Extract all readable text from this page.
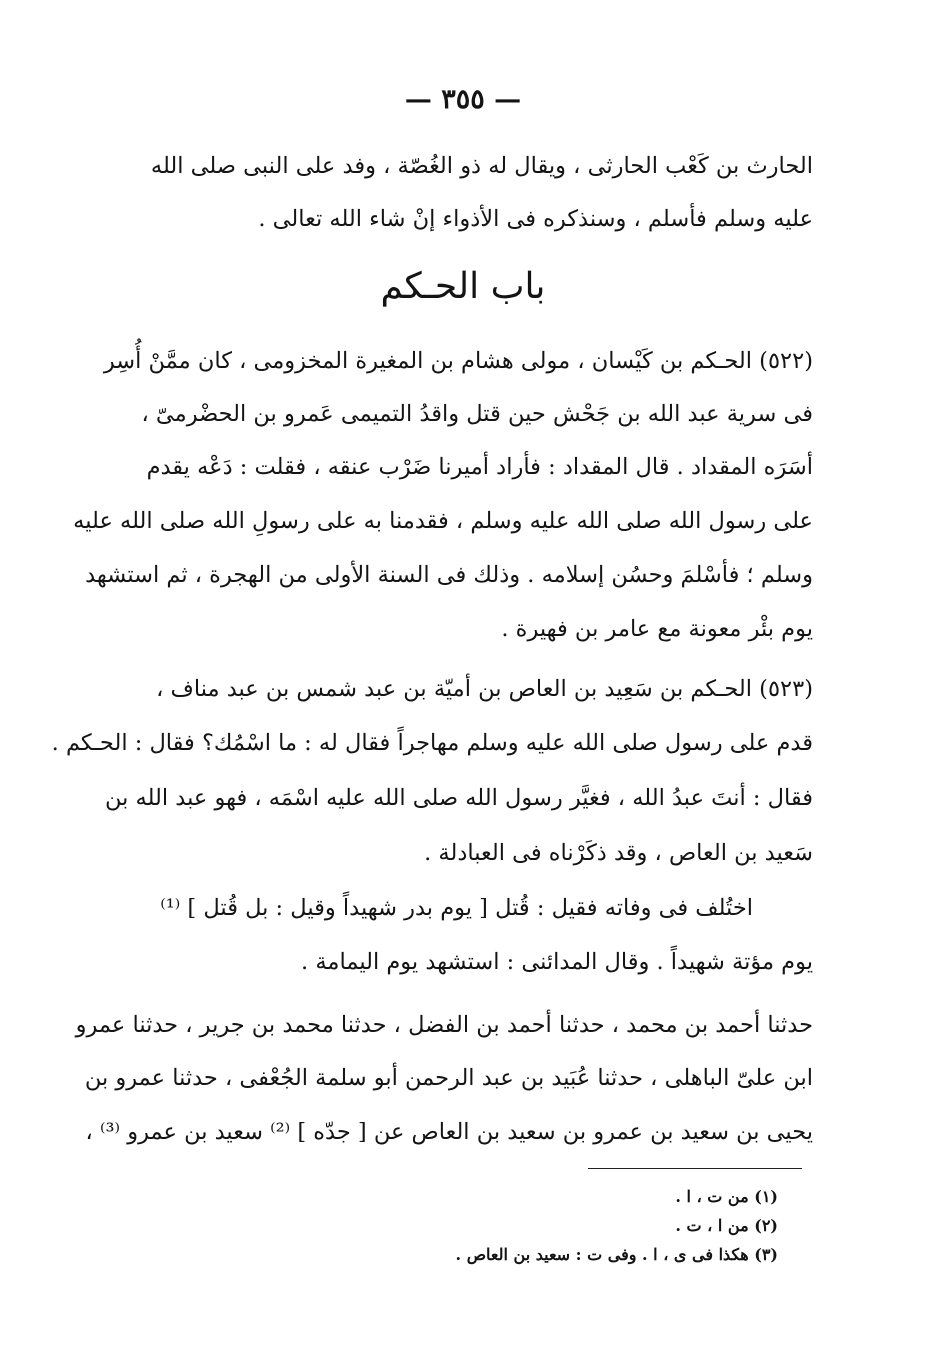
— ٣٥٥ —
الحارث بن كَعْب الحارثى ، ويقال له ذو الغُصّة ، وفد على النبى صلى الله
عليه وسلم فأسلم ، وسنذكره فى الأذواء إنْ شاء الله تعالى .
باب الحـكم
(٥٢٢) الحـكم بن كَيْسان ، مولى هشام بن المغيرة المخزومى ، كان ممَّنْ أُسِر
فى سرية عبد الله بن جَحْش حين قتل واقدُ التميمى عَمرو بن الحضْرمىّ ،
أسَرَه المقداد . قال المقداد : فأراد أميرنا ضَرْب عنقه ، فقلت : دَعْه يقدم
على رسول الله صلى الله عليه وسلم ، فقدمنا به على رسولِ الله صلى الله عليه
وسلم ؛ فأسْلمَ وحسُن إسلامه . وذلك فى السنة الأولى من الهجرة ، ثم استشهد
يوم بئْر معونة مع عامر بن فهيرة .
(٥٢٣) الحـكم بن سَعِيد بن العاص بن أميّة بن عبد شمس بن عبد مناف ،
قدم على رسول صلى الله عليه وسلم مهاجراً فقال له : ما اسْمُك؟ فقال : الحـكم .
فقال : أنتَ عبدُ الله ، فغيَّر رسول الله صلى الله عليه اسْمَه ، فهو عبد الله بن
سَعيد بن العاص ، وقد ذكَرْناه فى العبادلة .
اختُلف فى وفاته فقيل : قُتل [ يوم بدر شهيداً وقيل : بل قُتل ] ⁽¹⁾
يوم مؤتة شهيداً . وقال المدائنى : استشهد يوم اليمامة .
حدثنا أحمد بن محمد ، حدثنا أحمد بن الفضل ، حدثنا محمد بن جرير ، حدثنا عمرو
ابن علىّ الباهلى ، حدثنا عُبَيد بن عبد الرحمن أبو سلمة الجُعْفى ، حدثنا عمرو بن
يحيى بن سعيد بن عمرو بن سعيد بن العاص عن [ جدّه ] ⁽²⁾ سعيد بن عمرو ⁽³⁾ ،
(١) من ت ، ا .
(٢) من ا ، ت .
(٣) هكذا فى ى ، ا . وفى ت : سعيد بن العاص .
